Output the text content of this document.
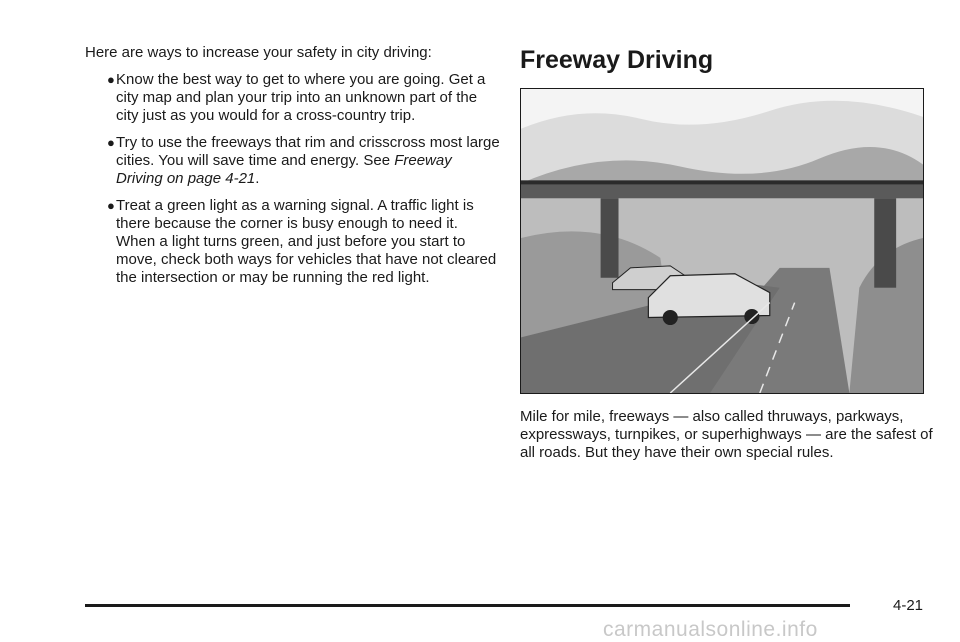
Here are ways to increase your safety in city driving:

● Know the best way to get to where you are going. Get a city map and plan your trip into an unknown part of the city just as you would for a cross-country trip.
● Try to use the freeways that rim and crisscross most large cities. You will save time and energy. See Freeway Driving on page 4-21.
● Treat a green light as a warning signal. A traffic light is there because the corner is busy enough to need it. When a light turns green, and just before you start to move, check both ways for vehicles that have not cleared the intersection or may be running the red light.
Freeway Driving

Mile for mile, freeways — also called thruways, parkways, expressways, turnpikes, or superhighways — are the safest of all roads. But they have their own special rules.

4-21
carmanualsonline.info
